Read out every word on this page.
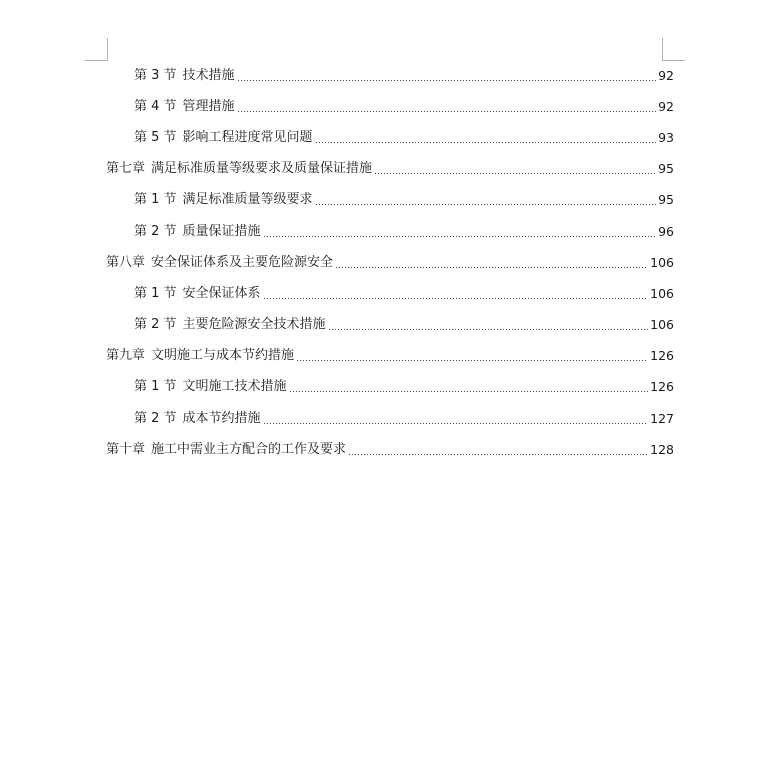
第 3 节 技术措施	92
第 4 节 管理措施	92
第 5 节 影响工程进度常见问题	93
第七章 满足标准质量等级要求及质量保证措施	95
第 1 节 满足标准质量等级要求	95
第 2 节 质量保证措施	96
第八章 安全保证体系及主要危险源安全	106
第 1 节 安全保证体系	106
第 2 节 主要危险源安全技术措施	106
第九章 文明施工与成本节约措施	126
第 1 节 文明施工技术措施	126
第 2 节 成本节约措施	127
第十章 施工中需业主方配合的工作及要求	128
